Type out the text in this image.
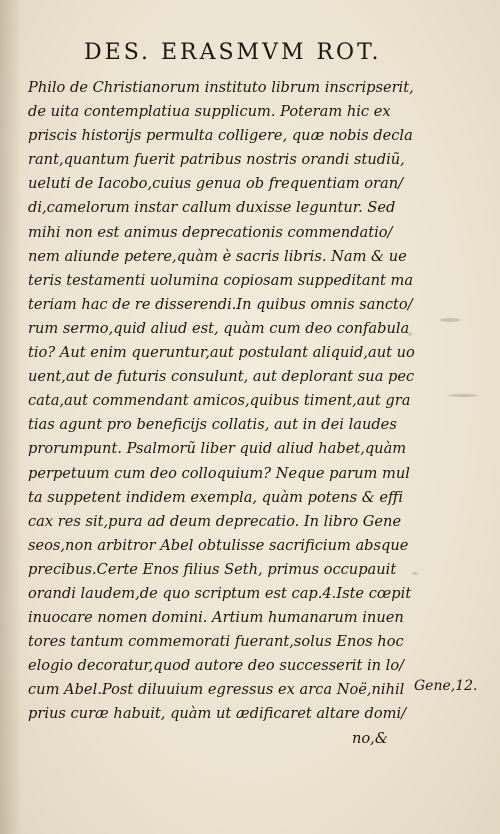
DES. ERASMVM ROT.
Philo de Christianorum instituto librum inscripserit,
de uita contemplatiua supplicum. Poteram hic ex
priscis historijs permulta colligere, quæ nobis decla
rant,quantum fuerit patribus nostris orandi studiũ,
ueluti de Iacobo,cuius genua ob frequentiam oran/
di,camelorum instar callum duxisse leguntur. Sed
mihi non est animus deprecationis commendatio/
nem aliunde petere,quàm è sacris libris. Nam & ue
teris testamenti uolumina copiosam suppeditant ma
teriam hac de re disserendi.In quibus omnis sancto/
rum sermo,quid aliud est, quàm cum deo confabula
tio? Aut enim queruntur,aut postulant aliquid,aut uo
uent,aut de futuris consulunt, aut deplorant sua pec
cata,aut commendant amicos,quibus timent,aut gra
tias agunt pro beneficijs collatis, aut in dei laudes
prorumpunt. Psalmorũ liber quid aliud habet,quàm
perpetuum cum deo colloquium? Neque parum mul
ta suppetent indidem exempla, quàm potens & effi
cax res sit,pura ad deum deprecatio. In libro Gene
seos,non arbitror Abel obtulisse sacrificium absque
precibus.Certe Enos filius Seth, primus occupauit
orandi laudem,de quo scriptum est cap.4.Iste cœpit
inuocare nomen domini. Artium humanarum inuen
tores tantum commemorati fuerant,solus Enos hoc
elogio decoratur,quod autore deo successerit in lo/
cum Abel.Post diluuium egressus ex arca Noë,nihil
prius curæ habuit, quàm ut ædificaret altare domi/
Gene,12.
no,&
